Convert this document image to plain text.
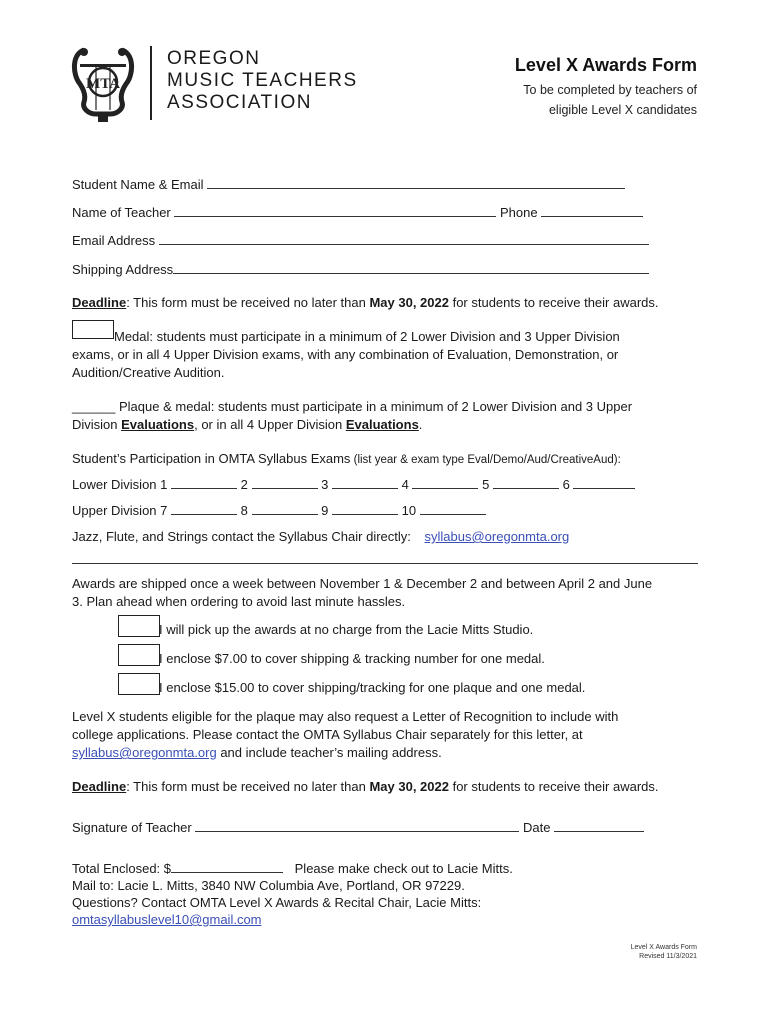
MTA
OREGON
MUSIC TEACHERS
ASSOCIATION
Level X Awards Form
To be completed by teachers of
eligible Level X candidates
Student Name & Email
Name of Teacher	Phone
Email Address
Shipping Address
Deadline: This form must be received no later than May 30, 2022 for students to receive their awards.
Medal: students must participate in a minimum of 2 Lower Division and 3 Upper Division
exams, or in all 4 Upper Division exams, with any combination of Evaluation, Demonstration, or
Audition/Creative Audition.
______ Plaque & medal: students must participate in a minimum of 2 Lower Division and 3 Upper
Division Evaluations, or in all 4 Upper Division Evaluations.
Student’s Participation in OMTA Syllabus Exams (list year & exam type Eval/Demo/Aud/CreativeAud):
Lower Division 1	2	3	4	5	6
Upper Division 7	8	9	10
Jazz, Flute, and Strings contact the Syllabus Chair directly: syllabus@oregonmta.org
Awards are shipped once a week between November 1 & December 2 and between April 2 and June
3. Plan ahead when ordering to avoid last minute hassles.
I will pick up the awards at no charge from the Lacie Mitts Studio.
I enclose $7.00 to cover shipping & tracking number for one medal.
I enclose $15.00 to cover shipping/tracking for one plaque and one medal.
Level X students eligible for the plaque may also request a Letter of Recognition to include with
college applications. Please contact the OMTA Syllabus Chair separately for this letter, at
syllabus@oregonmta.org and include teacher’s mailing address.
Deadline: This form must be received no later than May 30, 2022 for students to receive their awards.
Signature of Teacher	Date
Total Enclosed: $	Please make check out to Lacie Mitts.
Mail to: Lacie L. Mitts, 3840 NW Columbia Ave, Portland, OR 97229.
Questions? Contact OMTA Level X Awards & Recital Chair, Lacie Mitts:
omtasyllabuslevel10@gmail.com
Level X Awards Form
Revised 11/3/2021
